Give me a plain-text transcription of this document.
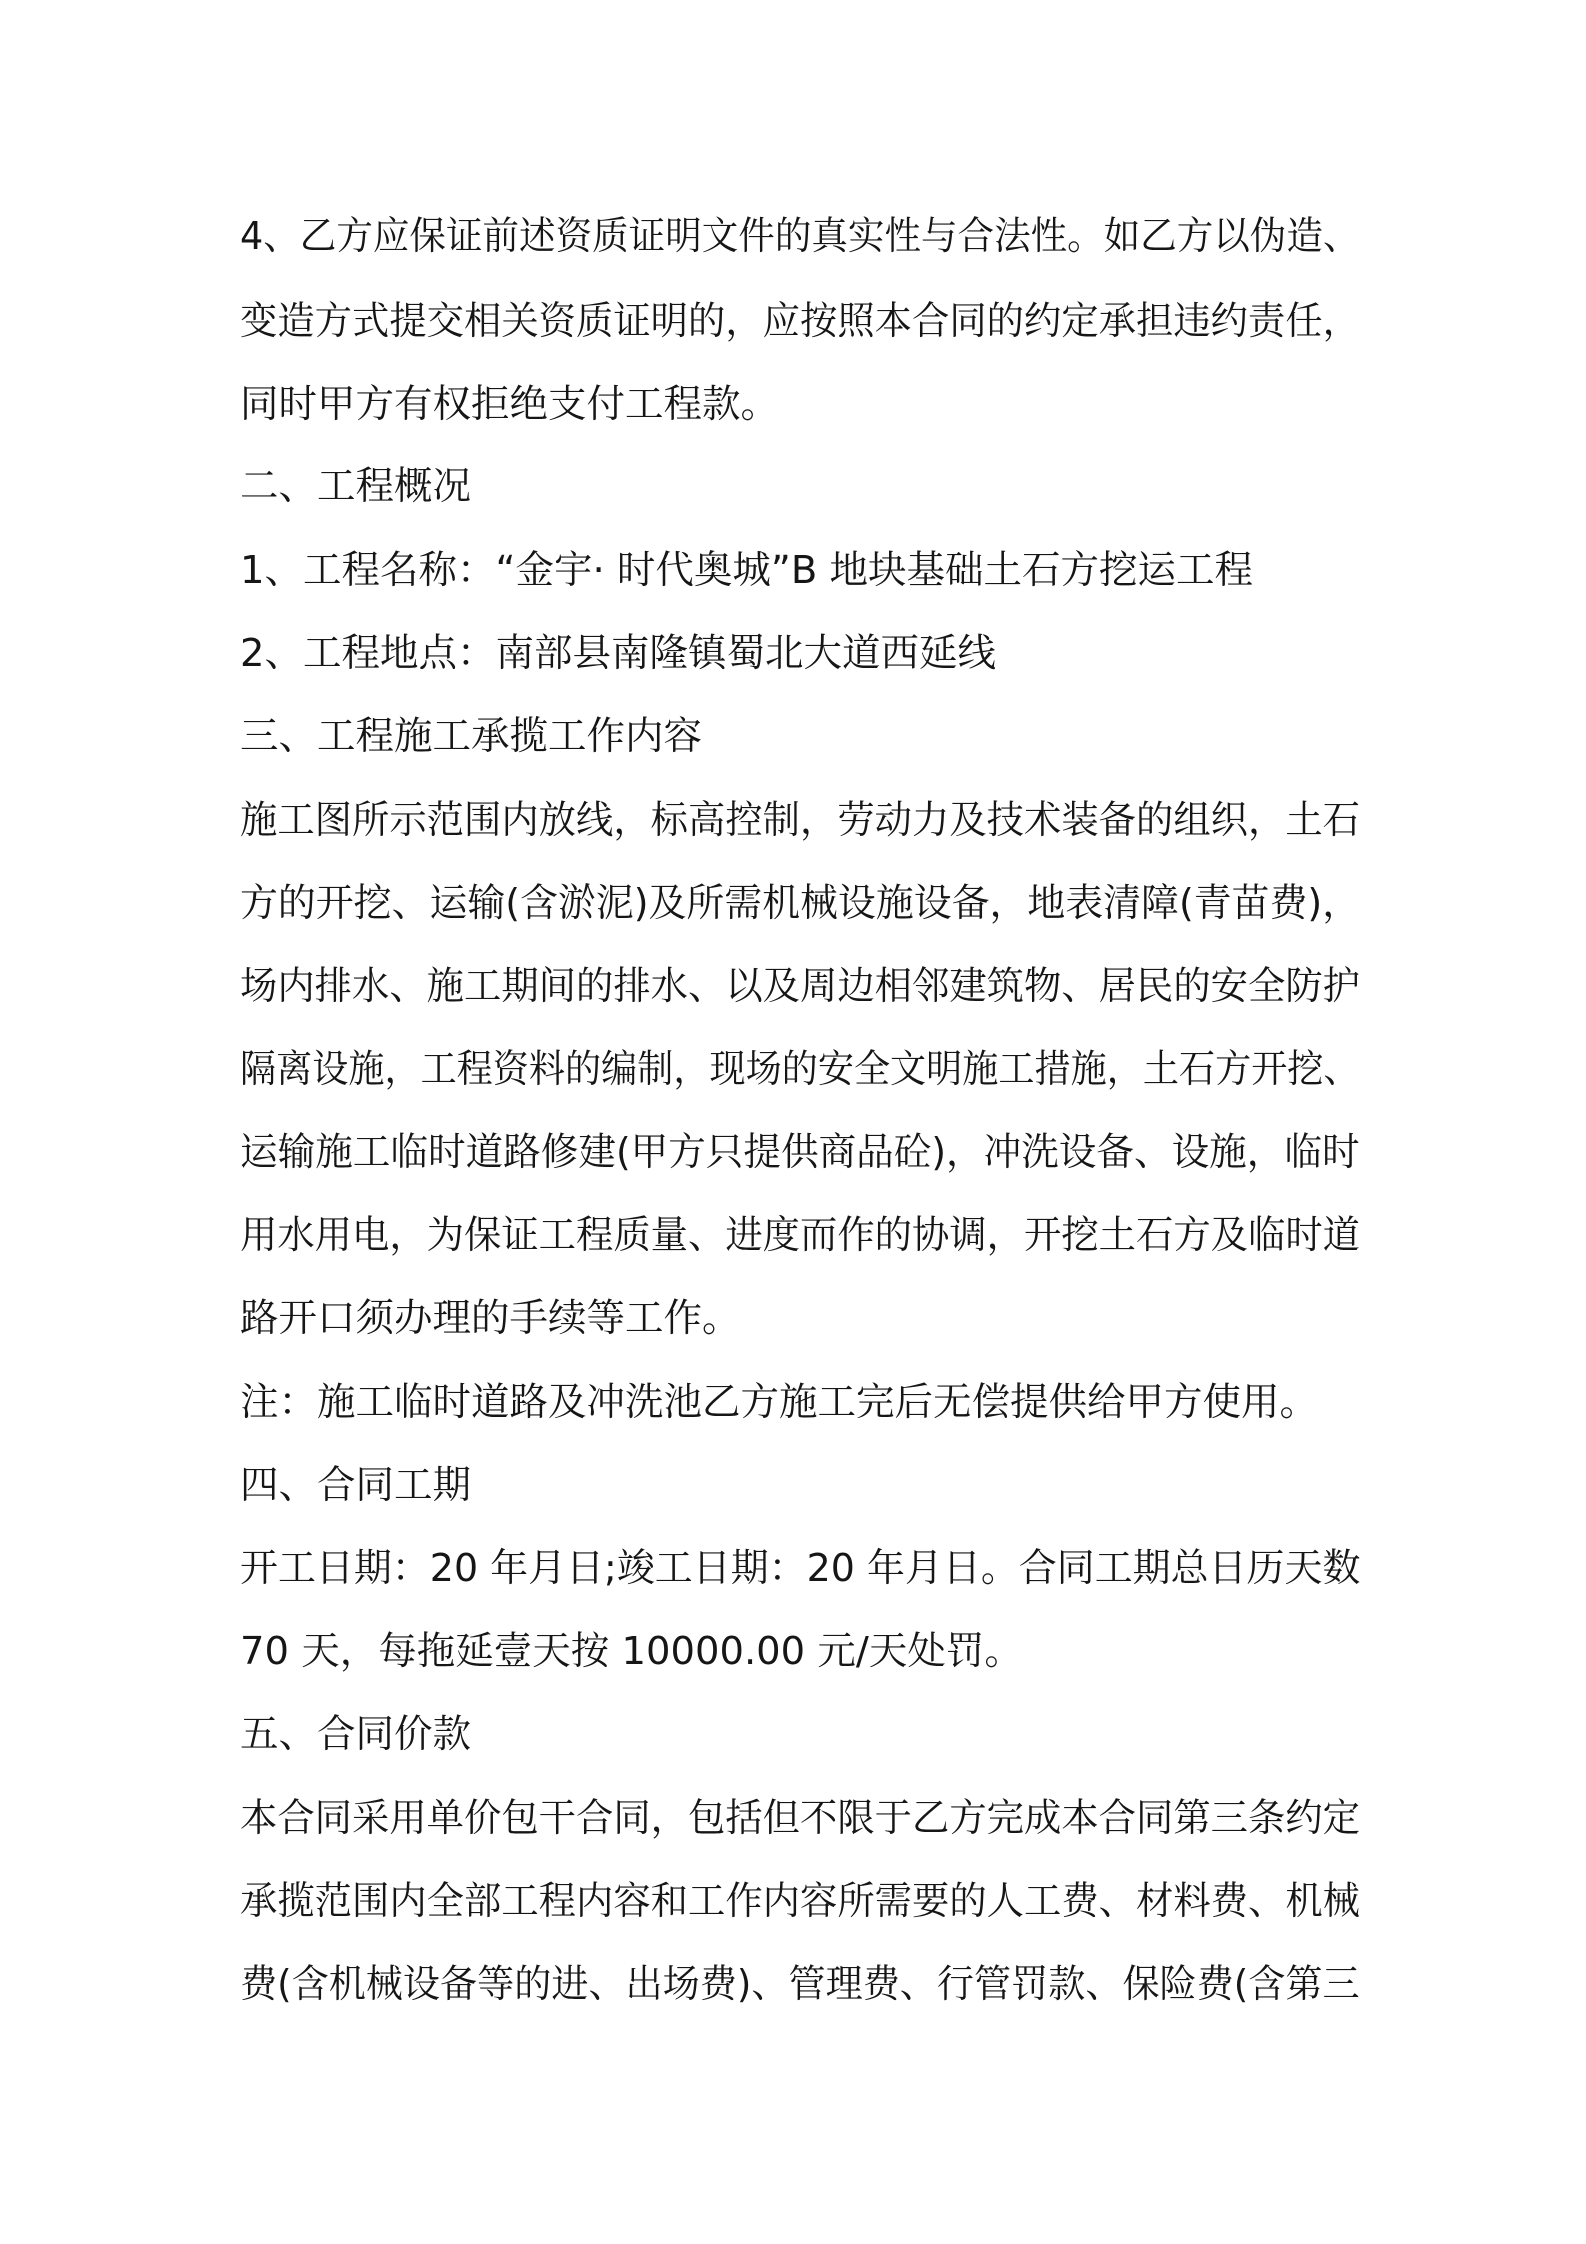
4、乙方应保证前述资质证明文件的真实性与合法性。如乙方以伪造、
变造方式提交相关资质证明的，应按照本合同的约定承担违约责任，
同时甲方有权拒绝支付工程款。
二、工程概况
1、工程名称：“金宇· 时代奥城”B 地块基础土石方挖运工程
2、工程地点：南部县南隆镇蜀北大道西延线
三、工程施工承揽工作内容
施工图所示范围内放线，标高控制，劳动力及技术装备的组织，土石
方的开挖、运输(含淤泥)及所需机械设施设备，地表清障(青苗费)，
场内排水、施工期间的排水、以及周边相邻建筑物、居民的安全防护
隔离设施，工程资料的编制，现场的安全文明施工措施，土石方开挖、
运输施工临时道路修建(甲方只提供商品砼)，冲洗设备、设施，临时
用水用电，为保证工程质量、进度而作的协调，开挖土石方及临时道
路开口须办理的手续等工作。
注：施工临时道路及冲洗池乙方施工完后无偿提供给甲方使用。
四、合同工期
开工日期：20 年月日;竣工日期：20 年月日。合同工期总日历天数
70 天，每拖延壹天按 10000.00 元/天处罚。
五、合同价款
本合同采用单价包干合同，包括但不限于乙方完成本合同第三条约定
承揽范围内全部工程内容和工作内容所需要的人工费、材料费、机械
费(含机械设备等的进、出场费)、管理费、行管罚款、保险费(含第三
